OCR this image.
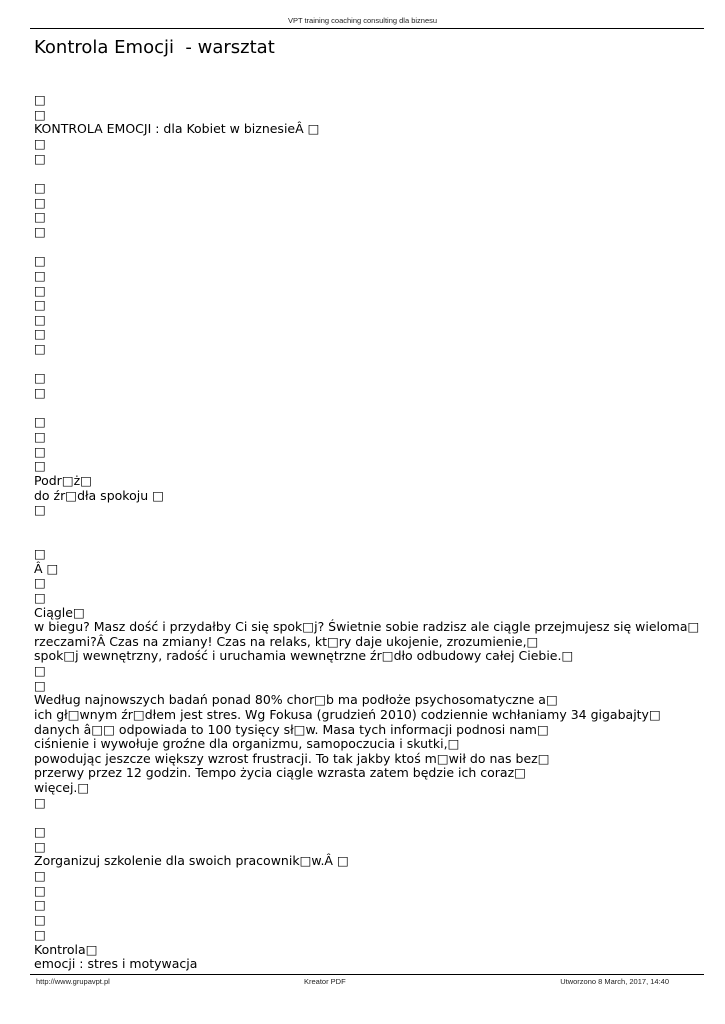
VPT training coaching consulting dla biznesu
Kontrola Emocji  - warsztat
□
□
KONTROLA EMOCJI : dla Kobiet w biznesieÂ □
□
□
□
□
□
□
□
□
□
□
□
□
□
□
□
□
□
□
□
Podr□ż□
do źr□dła spokoju □
□
□
Â □
□
□
Ciągle□
w biegu? Masz dość i przydałby Ci się spok□j? Świetnie sobie radzisz ale ciągle przejmujesz się wieloma□
rzeczami?Â Czas na zmiany! Czas na relaks, kt□ry daje ukojenie, zrozumienie,□
spok□j wewnętrzny, radość i uruchamia wewnętrzne źr□dło odbudowy całej Ciebie.□
□
□
Według najnowszych badań ponad 80% chor□b ma podłoże psychosomatyczne a□
ich gł□wnym źr□dłem jest stres. Wg Fokusa (grudzień 2010) codziennie wchłaniamy 34 gigabajty□
danych â□□ odpowiada to 100 tysięcy sł□w. Masa tych informacji podnosi nam□
ciśnienie i wywołuje groźne dla organizmu, samopoczucia i skutki,□
powodując jeszcze większy wzrost frustracji. To tak jakby ktoś m□wił do nas bez□
przerwy przez 12 godzin. Tempo życia ciągle wzrasta zatem będzie ich coraz□
więcej.□
□
□
□
Zorganizuj szkolenie dla swoich pracownik□w.Â □
□
□
□
□
□
Kontrola□
emocji : stres i motywacja
http://www.grupavpt.pl	Kreator PDF	Utworzono 8 March, 2017, 14:40
